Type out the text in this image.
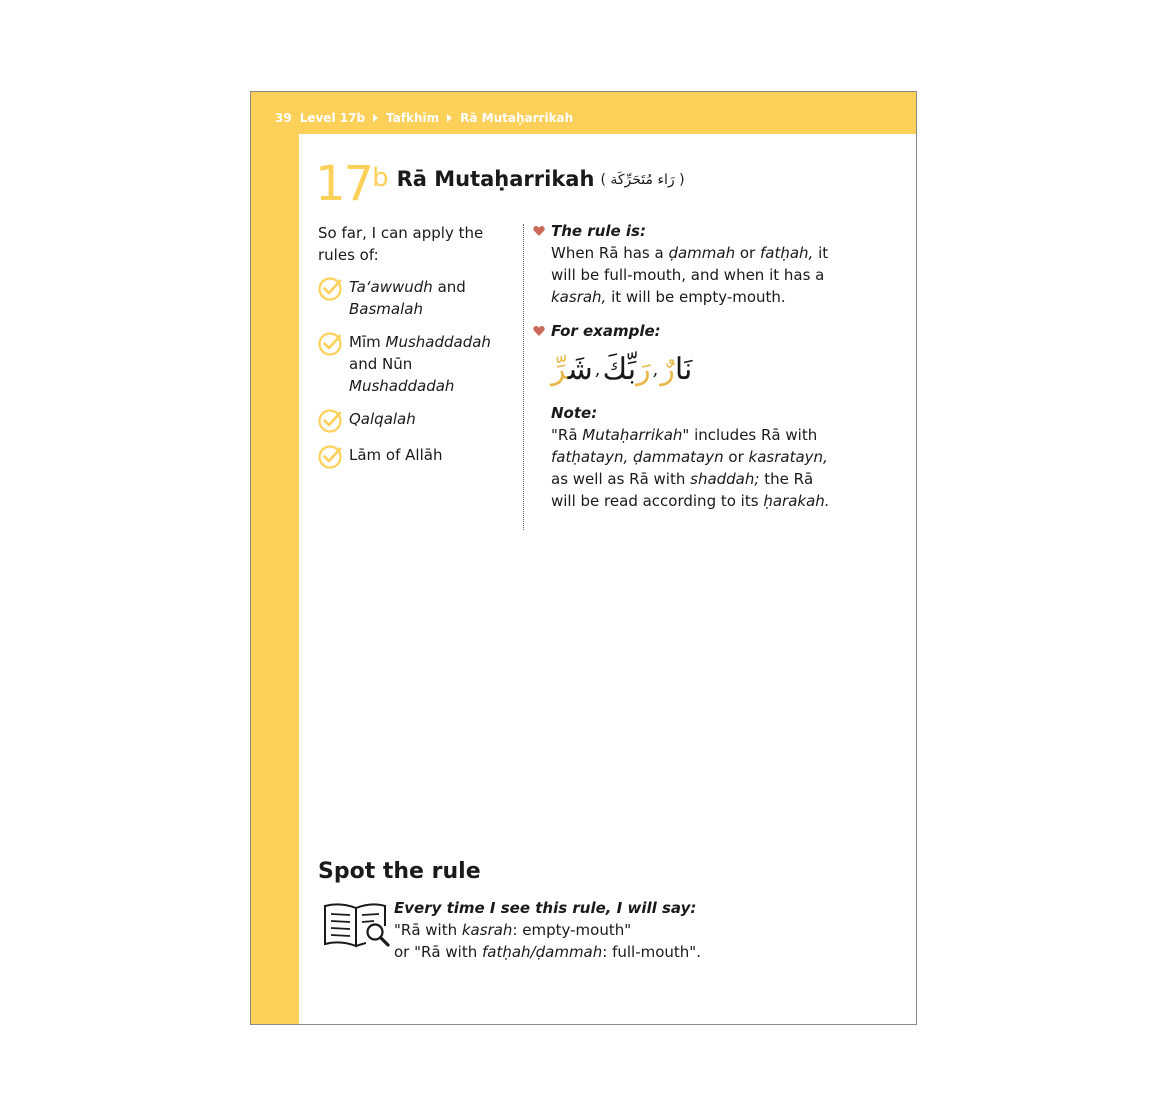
39 Level 17b Tafkhīm Rā Mutaḥarrikah
17 b Rā Mutaḥarrikah ( رَاء مُتَحَرِّكَة )

So far, I can apply the rules of:

Ta‘awwudh and Basmalah
Mīm Mushaddadah and Nūn Mushaddadah
Qalqalah
Lām of Allāh

The rule is:

When Rā has a ḍammah or fatḥah, it will be full-mouth, and when it has a kasrah, it will be empty-mouth.

For example:

شَرِّ	,	رَبِّكَ , نَارٌ

Note:

"Rā Mutaḥarrikah" includes Rā with fatḥatayn, ḍammatayn or kasratayn, as well as Rā with shaddah; the Rā will be read according to its ḥarakah.

Spot the rule

Every time I see this rule, I will say:

"Rā with kasrah: empty-mouth"

or "Rā with fatḥah/ḍammah: full-mouth".
